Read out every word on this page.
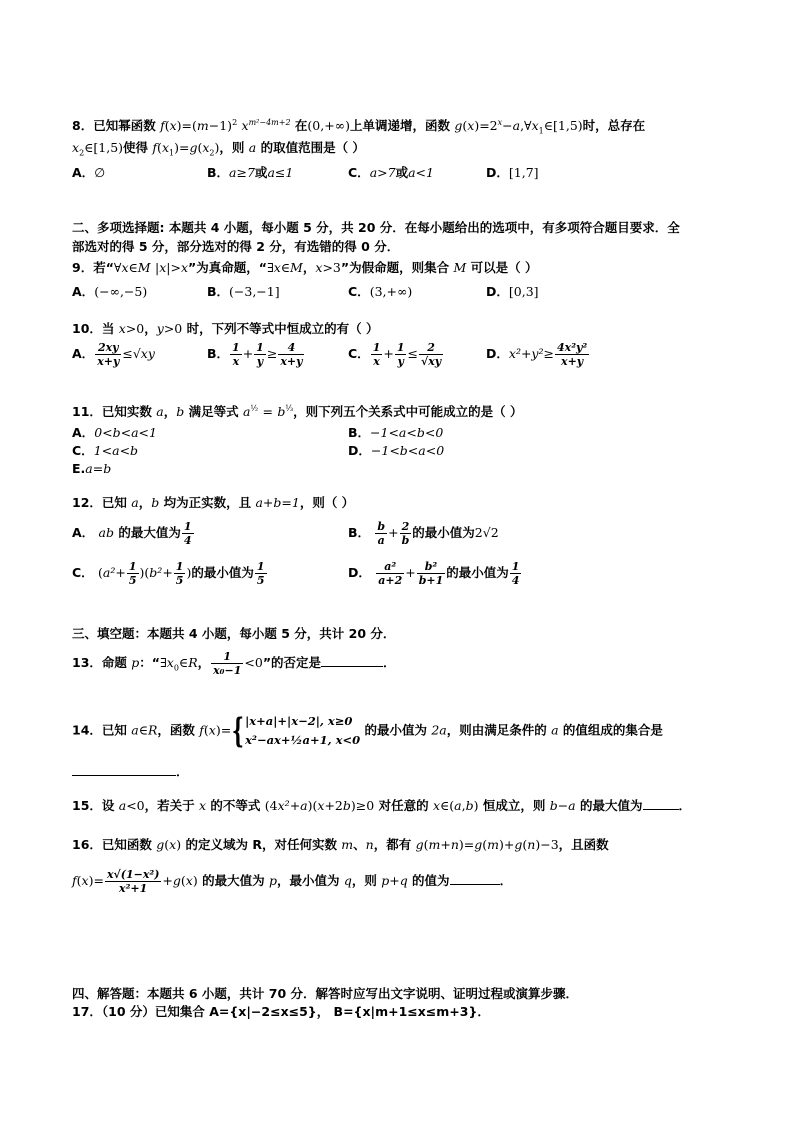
8．已知幂函数 $f(x)=(m-1)^2$ $x^{m^2-4m+2}$ 在(0,+∞)上单调递增，函数 $g(x)=2^x-a,\forall x_1\in[1,5)$时，总存在
$x_2\in[1,5)$使得 $f(x_1)=g(x_2)$，则 a 的取值范围是（ ）
A．∅	B．a≥7或a≤1	C．a>7或a<1	D．[1,7]
二、多项选择题: 本题共 4 小题，每小题 5 分，共 20 分．在每小题给出的选项中，有多项符合题目要求．全
部选对的得 5 分，部分选对的得 2 分，有选错的得 0 分．
9．若“∀x∈M |x|>x”为真命题，“∃x∈M，x>3”为假命题，则集合 M 可以是（ ）
A．(−∞,−5)	B．(−3,−1]	C．(3,+∞)	D．[0,3]
10．当 x>0，y>0 时，下列不等式中恒成立的有（ ）
A． $\frac{2xy}{x+y} \le√xy$	B． $\frac{1}{x} + \frac{1}{y} \ge \frac{4}{x+y}$	C． $\frac{1}{x} + \frac{1}{y} \le \frac{2}{√xy}$	D．$x^2+y^2\ge \frac{\text{4x²y²}}{x+y}$
11．已知实数 a，b 满足等式 $a^{\frac{1}{2}} = b^{\frac{1}{3}}$，则下列五个关系式中可能成立的是（ ）
A．0<b<a<1	B．−1<a<b<0
C．1<a<b	D．−1<b<a<0
E.a=b
12．已知 a，b 均为正实数，且 a+b=1，则（ ）
A． ab 的最大值为 $\frac{1}{4}$	B． $\frac{b}{a} + \frac{2}{b}$ 的最小值为2√2
C． $(a^2+ \frac{1}{5} )(b^2+ \frac{1}{5}$ )的最小值为 $\frac{1}{5}$	D． $\frac{\text{a²}}{a+2} + \frac{\text{b²}}{b+1}$ 的最小值为 $\frac{1}{4}$
三、填空题：本题共 4 小题，每小题 5 分，共计 20 分．
13．命题 p：“$\exists x_0\in R$， $\frac{1}{\text{x₀−1}} <0$”的否定是	．
14．已知 a∈R，函数 f(x)={|x+a|+|x−2|, x≥0
x²−ax+½a+1, x<0 的最小值为 2a，则由满足条件的 a 的值组成的集合是
．
15．设 a<0，若关于 x 的不等式 (4x²+a)(x+2b)≥0 对任意的 x∈(a,b) 恒成立，则 b−a 的最大值为	．
16．已知函数 g(x) 的定义域为 R，对任何实数 m、n，都有 g(m+n)=g(m)+g(n)−3，且函数
$f(x)= \frac{\text{x√(1−x²)}}{\text{x²+1}} +g(x)$ 的最大值为 p，最小值为 q，则 p+q 的值为	．
四、解答题：本题共 6 小题，共计 70 分．解答时应写出文字说明、证明过程或演算步骤．
17．（10 分）已知集合 A={x|−2≤x≤5}， B={x|m+1≤x≤m+3}．
